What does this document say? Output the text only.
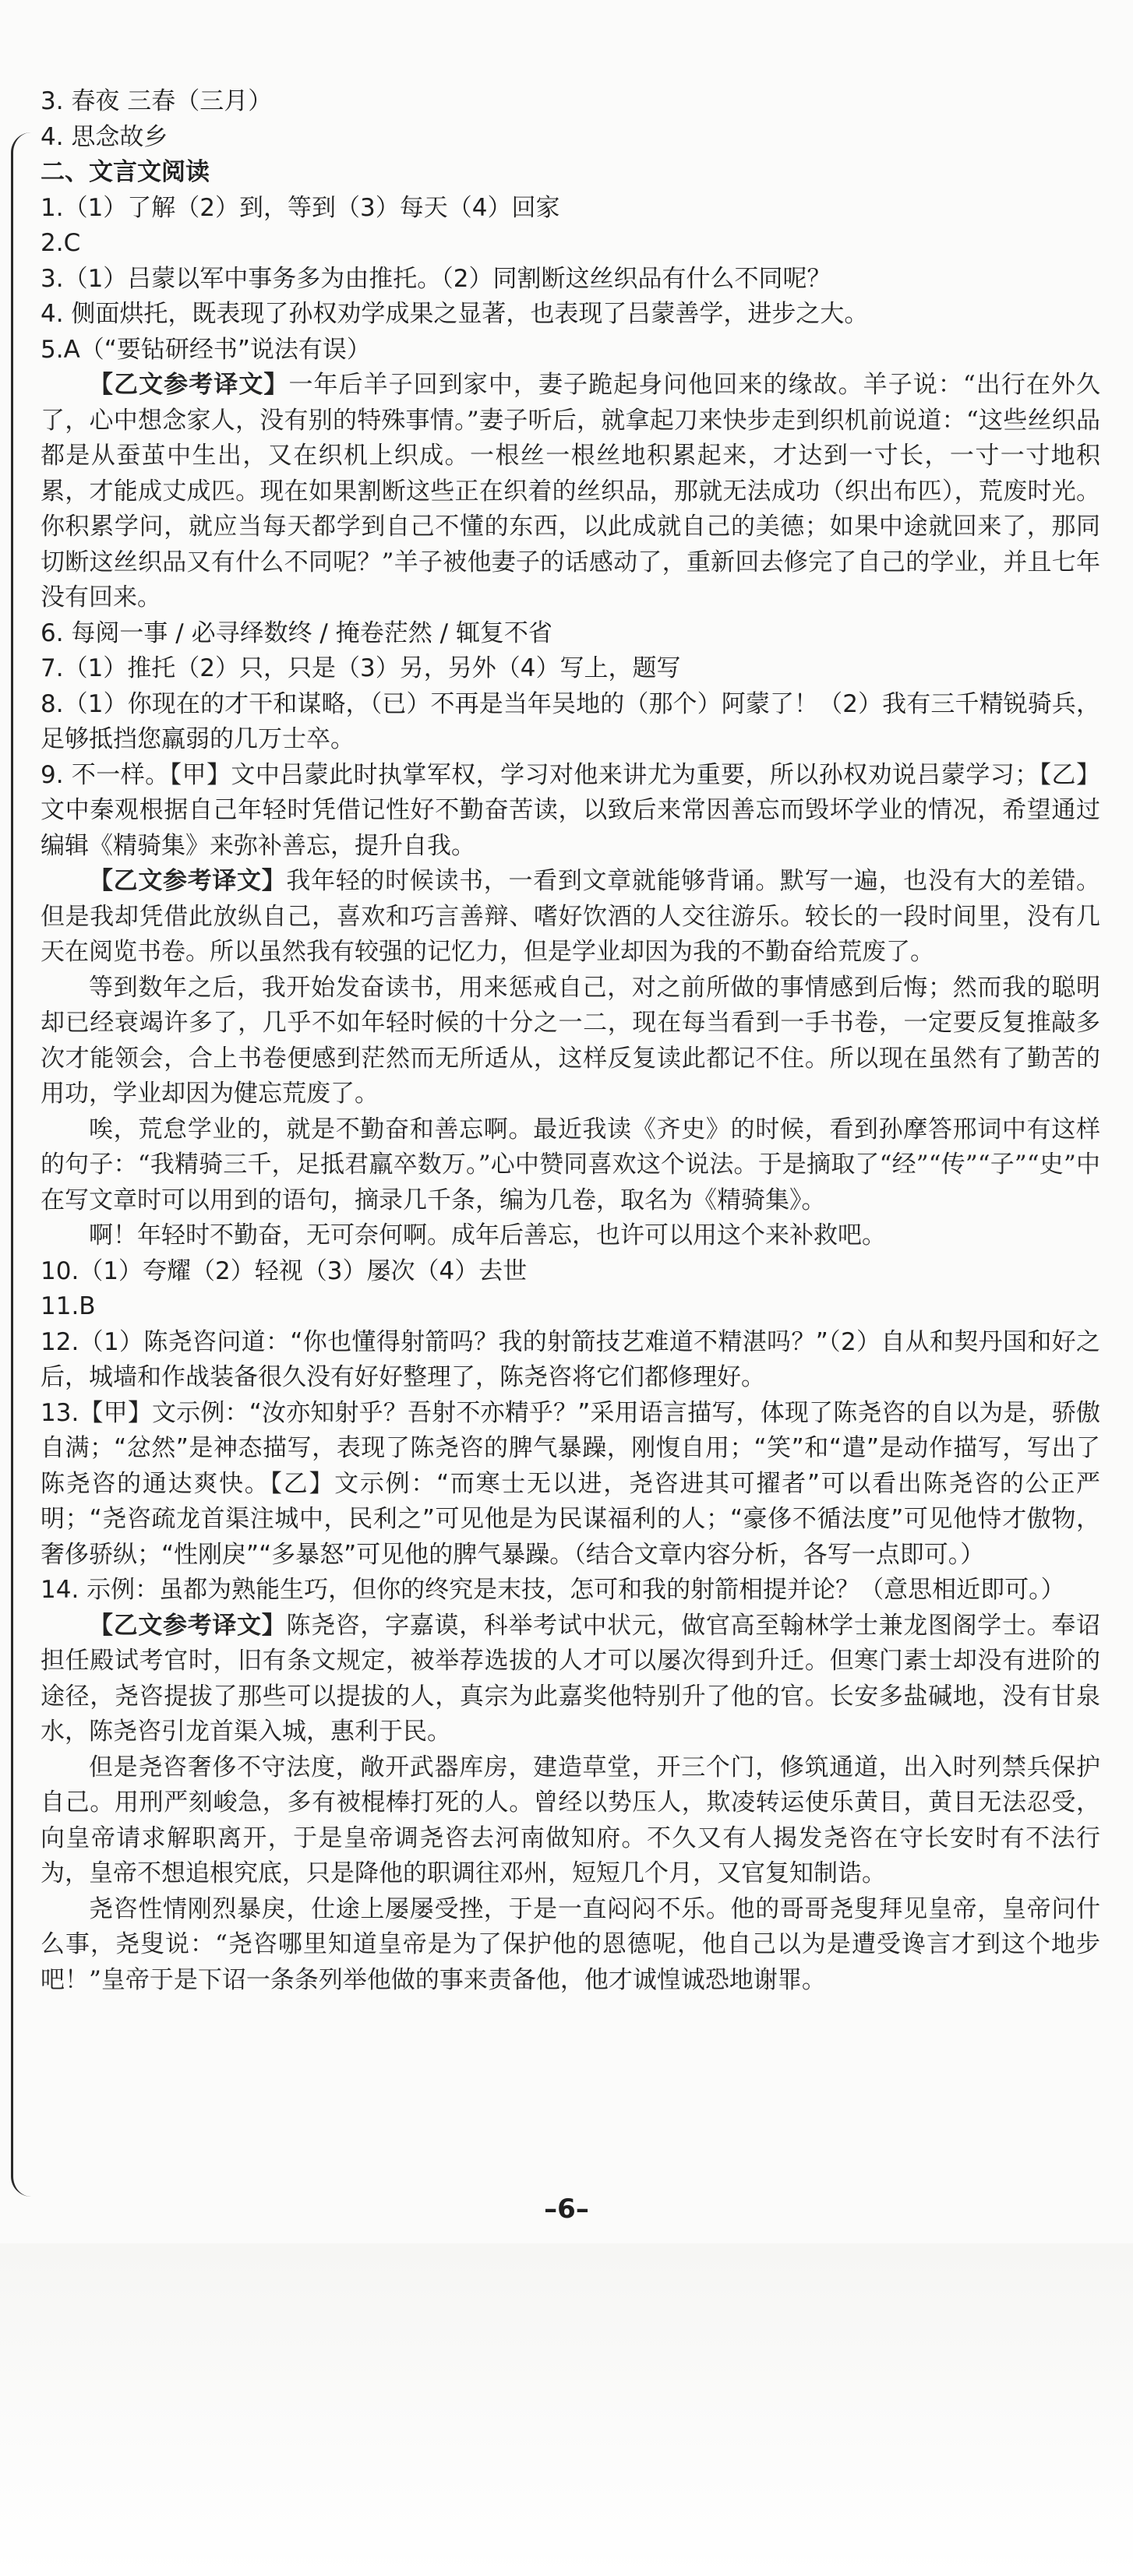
3. 春夜 三春（三月）

4. 思念故乡

二、文言文阅读

1.（1）了解（2）到，等到（3）每天（4）回家

2.C

3.（1）吕蒙以军中事务多为由推托。（2）同割断这丝织品有什么不同呢？

4. 侧面烘托，既表现了孙权劝学成果之显著，也表现了吕蒙善学，进步之大。

5.A（“要钻研经书”说法有误）

【乙文参考译文】一年后羊子回到家中，妻子跪起身问他回来的缘故。羊子说：“出行在外久了，心中想念家人，没有别的特殊事情。”妻子听后，就拿起刀来快步走到织机前说道：“这些丝织品都是从蚕茧中生出，又在织机上织成。一根丝一根丝地积累起来，才达到一寸长，一寸一寸地积累，才能成丈成匹。现在如果割断这些正在织着的丝织品，那就无法成功（织出布匹），荒废时光。你积累学问，就应当每天都学到自己不懂的东西，以此成就自己的美德；如果中途就回来了，那同切断这丝织品又有什么不同呢？”羊子被他妻子的话感动了，重新回去修完了自己的学业，并且七年没有回来。

6. 每阅一事 / 必寻绎数终 / 掩卷茫然 / 辄复不省

7.（1）推托（2）只，只是（3）另，另外（4）写上，题写

8.（1）你现在的才干和谋略，（已）不再是当年吴地的（那个）阿蒙了！（2）我有三千精锐骑兵，足够抵挡您羸弱的几万士卒。

9. 不一样。【甲】文中吕蒙此时执掌军权，学习对他来讲尤为重要，所以孙权劝说吕蒙学习；【乙】文中秦观根据自己年轻时凭借记性好不勤奋苦读，以致后来常因善忘而毁坏学业的情况，希望通过编辑《精骑集》来弥补善忘，提升自我。

【乙文参考译文】我年轻的时候读书，一看到文章就能够背诵。默写一遍，也没有大的差错。但是我却凭借此放纵自己，喜欢和巧言善辩、嗜好饮酒的人交往游乐。较长的一段时间里，没有几天在阅览书卷。所以虽然我有较强的记忆力，但是学业却因为我的不勤奋给荒废了。

等到数年之后，我开始发奋读书，用来惩戒自己，对之前所做的事情感到后悔；然而我的聪明却已经衰竭许多了，几乎不如年轻时候的十分之一二，现在每当看到一手书卷，一定要反复推敲多次才能领会，合上书卷便感到茫然而无所适从，这样反复读此都记不住。所以现在虽然有了勤苦的用功，学业却因为健忘荒废了。

唉，荒怠学业的，就是不勤奋和善忘啊。最近我读《齐史》的时候，看到孙摩答邢词中有这样的句子：“我精骑三千，足抵君羸卒数万。”心中赞同喜欢这个说法。于是摘取了“经”“传”“子”“史”中在写文章时可以用到的语句，摘录几千条，编为几卷，取名为《精骑集》。

啊！年轻时不勤奋，无可奈何啊。成年后善忘，也许可以用这个来补救吧。

10.（1）夸耀（2）轻视（3）屡次（4）去世

11.B

12.（1）陈尧咨问道：“你也懂得射箭吗？我的射箭技艺难道不精湛吗？”（2）自从和契丹国和好之后，城墙和作战装备很久没有好好整理了，陈尧咨将它们都修理好。

13.【甲】文示例：“汝亦知射乎？吾射不亦精乎？”采用语言描写，体现了陈尧咨的自以为是，骄傲自满；“忿然”是神态描写，表现了陈尧咨的脾气暴躁，刚愎自用；“笑”和“遣”是动作描写，写出了陈尧咨的通达爽快。【乙】文示例：“而寒士无以进，尧咨进其可擢者”可以看出陈尧咨的公正严明；“尧咨疏龙首渠注城中，民利之”可见他是为民谋福利的人；“豪侈不循法度”可见他恃才傲物，奢侈骄纵；“性刚戾”“多暴怒”可见他的脾气暴躁。（结合文章内容分析，各写一点即可。）

14. 示例：虽都为熟能生巧，但你的终究是末技，怎可和我的射箭相提并论？（意思相近即可。）

【乙文参考译文】陈尧咨，字嘉谟，科举考试中状元，做官高至翰林学士兼龙图阁学士。奉诏担任殿试考官时，旧有条文规定，被举荐选拔的人才可以屡次得到升迁。但寒门素士却没有进阶的途径，尧咨提拔了那些可以提拔的人，真宗为此嘉奖他特别升了他的官。长安多盐碱地，没有甘泉水，陈尧咨引龙首渠入城，惠利于民。

但是尧咨奢侈不守法度，敞开武器库房，建造草堂，开三个门，修筑通道，出入时列禁兵保护自己。用刑严刻峻急，多有被棍棒打死的人。曾经以势压人，欺凌转运使乐黄目，黄目无法忍受，向皇帝请求解职离开，于是皇帝调尧咨去河南做知府。不久又有人揭发尧咨在守长安时有不法行为，皇帝不想追根究底，只是降他的职调往邓州，短短几个月，又官复知制诰。

尧咨性情刚烈暴戾，仕途上屡屡受挫，于是一直闷闷不乐。他的哥哥尧叟拜见皇帝，皇帝问什么事，尧叟说：“尧咨哪里知道皇帝是为了保护他的恩德呢，他自己以为是遭受谗言才到这个地步吧！”皇帝于是下诏一条条列举他做的事来责备他，他才诚惶诚恐地谢罪。

–6–
